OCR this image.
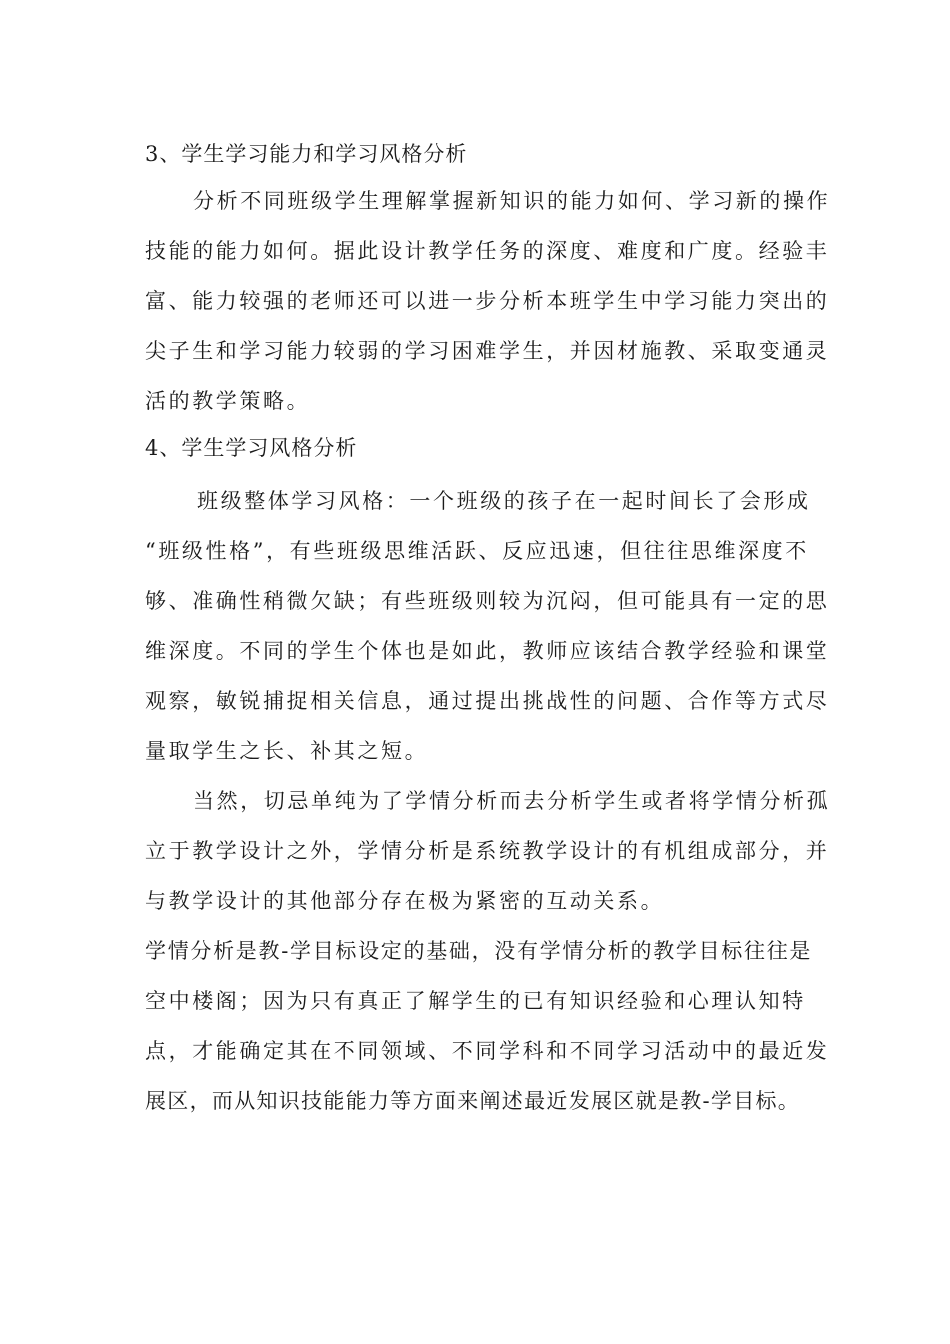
3、学生学习能力和学习风格分析
分析不同班级学生理解掌握新知识的能力如何、学习新的操作
技能的能力如何。据此设计教学任务的深度、难度和广度。经验丰
富、能力较强的老师还可以进一步分析本班学生中学习能力突出的
尖子生和学习能力较弱的学习困难学生，并因材施教、采取变通灵
活的教学策略。
4、学生学习风格分析
班级整体学习风格：一个班级的孩子在一起时间长了会形成
“班级性格”，有些班级思维活跃、反应迅速，但往往思维深度不
够、准确性稍微欠缺；有些班级则较为沉闷，但可能具有一定的思
维深度。不同的学生个体也是如此，教师应该结合教学经验和课堂
观察，敏锐捕捉相关信息，通过提出挑战性的问题、合作等方式尽
量取学生之长、补其之短。
当然，切忌单纯为了学情分析而去分析学生或者将学情分析孤
立于教学设计之外，学情分析是系统教学设计的有机组成部分，并
与教学设计的其他部分存在极为紧密的互动关系。
学情分析是教-学目标设定的基础，没有学情分析的教学目标往往是
空中楼阁；因为只有真正了解学生的已有知识经验和心理认知特
点，才能确定其在不同领域、不同学科和不同学习活动中的最近发
展区，而从知识技能能力等方面来阐述最近发展区就是教-学目标。
